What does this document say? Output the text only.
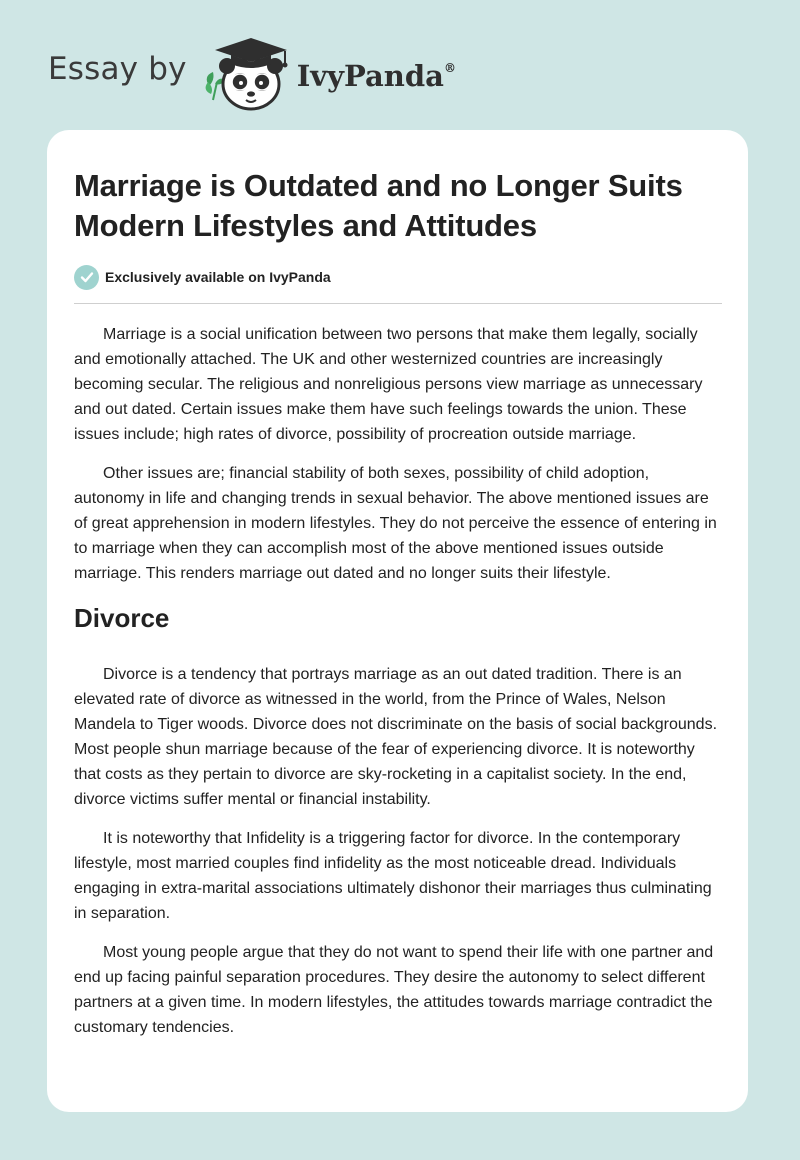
Essay by	IvyPanda®
Marriage is Outdated and no Longer Suits Modern Lifestyles and Attitudes
Exclusively available on IvyPanda

Marriage is a social unification between two persons that make them legally, socially and emotionally attached. The UK and other westernized countries are increasingly becoming secular. The religious and nonreligious persons view marriage as unnecessary and out dated. Certain issues make them have such feelings towards the union. These issues include; high rates of divorce, possibility of procreation outside marriage.

Other issues are; financial stability of both sexes, possibility of child adoption, autonomy in life and changing trends in sexual behavior. The above mentioned issues are of great apprehension in modern lifestyles. They do not perceive the essence of entering in to marriage when they can accomplish most of the above mentioned issues outside marriage. This renders marriage out dated and no longer suits their lifestyle.

Divorce

Divorce is a tendency that portrays marriage as an out dated tradition. There is an elevated rate of divorce as witnessed in the world, from the Prince of Wales, Nelson Mandela to Tiger woods. Divorce does not discriminate on the basis of social backgrounds. Most people shun marriage because of the fear of experiencing divorce. It is noteworthy that costs as they pertain to divorce are sky-rocketing in a capitalist society. In the end, divorce victims suffer mental or financial instability.

It is noteworthy that Infidelity is a triggering factor for divorce. In the contemporary lifestyle, most married couples find infidelity as the most noticeable dread. Individuals engaging in extra-marital associations ultimately dishonor their marriages thus culminating in separation.

Most young people argue that they do not want to spend their life with one partner and end up facing painful separation procedures. They desire the autonomy to select different partners at a given time. In modern lifestyles, the attitudes towards marriage contradict the customary tendencies.
